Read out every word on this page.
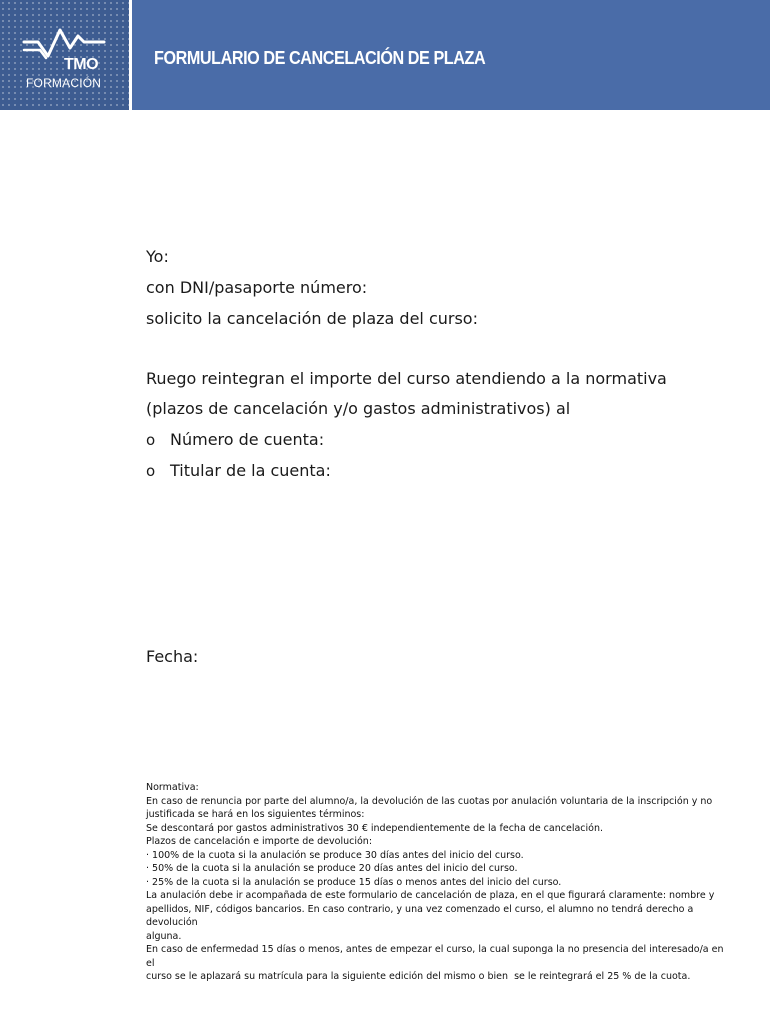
TMO
FORMACIÓN
FORMULARIO DE CANCELACIÓN DE PLAZA
Yo:
con DNI/pasaporte número:
solicito la cancelación de plaza del curso:
Ruego reintegran el importe del curso atendiendo a la normativa
(plazos de cancelación y/o gastos administrativos) al
o Número de cuenta:
o Titular de la cuenta:
Fecha:

Normativa:

En caso de renuncia por parte del alumno/a, la devolución de las cuotas por anulación voluntaria de la inscripción y no

justificada se hará en los siguientes términos:

Se descontará por gastos administrativos 30 € independientemente de la fecha de cancelación.

Plazos de cancelación e importe de devolución:

· 100% de la cuota si la anulación se produce 30 días antes del inicio del curso.

· 50% de la cuota si la anulación se produce 20 días antes del inicio del curso.

· 25% de la cuota si la anulación se produce 15 días o menos antes del inicio del curso.

La anulación debe ir acompañada de este formulario de cancelación de plaza, en el que figurará claramente: nombre y

apellidos, NIF, códigos bancarios. En caso contrario, y una vez comenzado el curso, el alumno no tendrá derecho a devolución

alguna.

En caso de enfermedad 15 días o menos, antes de empezar el curso, la cual suponga la no presencia del interesado/a en el

curso se le aplazará su matrícula para la siguiente edición del mismo o bien  se le reintegrará el 25 % de la cuota.
